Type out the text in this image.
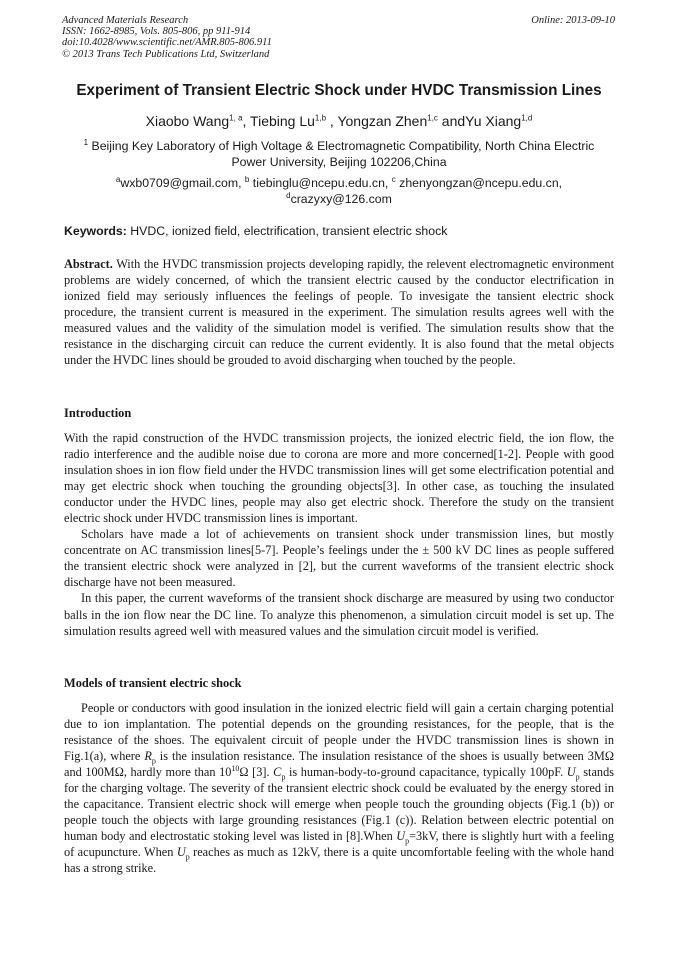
Advanced Materials Research
ISSN: 1662-8985, Vols. 805-806, pp 911-914
doi:10.4028/www.scientific.net/AMR.805-806.911
© 2013 Trans Tech Publications Ltd, Switzerland
Online: 2013-09-10
Experiment of Transient Electric Shock under HVDC Transmission Lines
Xiaobo Wang$^{1, a}$, Tiebing Lu$^{1,b}$ , Yongzan Zhen$^{1,c}$ andYu Xiang$^{1,d}$
$^1$ Beijing Key Laboratory of High Voltage & Electromagnetic Compatibility, North China Electric Power University, Beijing 102206,China
$^a$wxb0709@gmail.com, $^b$ tiebinglu@ncepu.edu.cn, $^c$ zhenyongzan@ncepu.edu.cn,
$^d$crazyxy@126.com
Keywords: HVDC, ionized field, electrification, transient electric shock

Abstract. With the HVDC transmission projects developing rapidly, the relevent electromagnetic environment problems are widely concerned, of which the transient electric caused by the conductor electrification in ionized field may seriously influences the feelings of people. To invesigate the tansient electric shock procedure, the transient current is measured in the experiment. The simulation results agrees well with the measured values and the validity of the simulation model is verified. The simulation results show that the resistance in the discharging circuit can reduce the current evidently. It is also found that the metal objects under the HVDC lines should be grouded to avoid discharging when touched by the people.

Introduction

With the rapid construction of the HVDC transmission projects, the ionized electric field, the ion flow, the radio interference and the audible noise due to corona are more and more concerned[1-2]. People with good insulation shoes in ion flow field under the HVDC transmission lines will get some electrification potential and may get electric shock when touching the grounding objects[3]. In other case, as touching the insulated conductor under the HVDC lines, people may also get electric shock. Therefore the study on the transient electric shock under HVDC transmission lines is important.

Scholars have made a lot of achievements on transient shock under transmission lines, but mostly concentrate on AC transmission lines[5-7]. People’s feelings under the ± 500 kV DC lines as people suffered the transient electric shock were analyzed in [2], but the current waveforms of the transient electric shock discharge have not been measured.

In this paper, the current waveforms of the transient shock discharge are measured by using two conductor balls in the ion flow near the DC line. To analyze this phenomenon, a simulation circuit model is set up. The simulation results agreed well with measured values and the simulation circuit model is verified.

Models of transient electric shock

People or conductors with good insulation in the ionized electric field will gain a certain charging potential due to ion implantation. The potential depends on the grounding resistances, for the people, that is the resistance of the shoes. The equivalent circuit of people under the HVDC transmission lines is shown in Fig.1(a), where $R_p$ is the insulation resistance. The insulation resistance of the shoes is usually between 3MΩ and 100MΩ, hardly more than $10^{10}\Omega$ [3]. $C_p$ is human-body-to-ground capacitance, typically 100pF. $U_p$ stands for the charging voltage. The severity of the transient electric shock could be evaluated by the energy stored in the capacitance. Transient electric shock will emerge when people touch the grounding objects (Fig.1 (b)) or people touch the objects with large grounding resistances (Fig.1 (c)). Relation between electric potential on human body and electrostatic stoking level was listed in [8].When $U_p=3kV$, there is slightly hurt with a feeling of acupuncture. When $U_p$ reaches as much as 12kV, there is a quite uncomfortable feeling with the whole hand has a strong strike.
